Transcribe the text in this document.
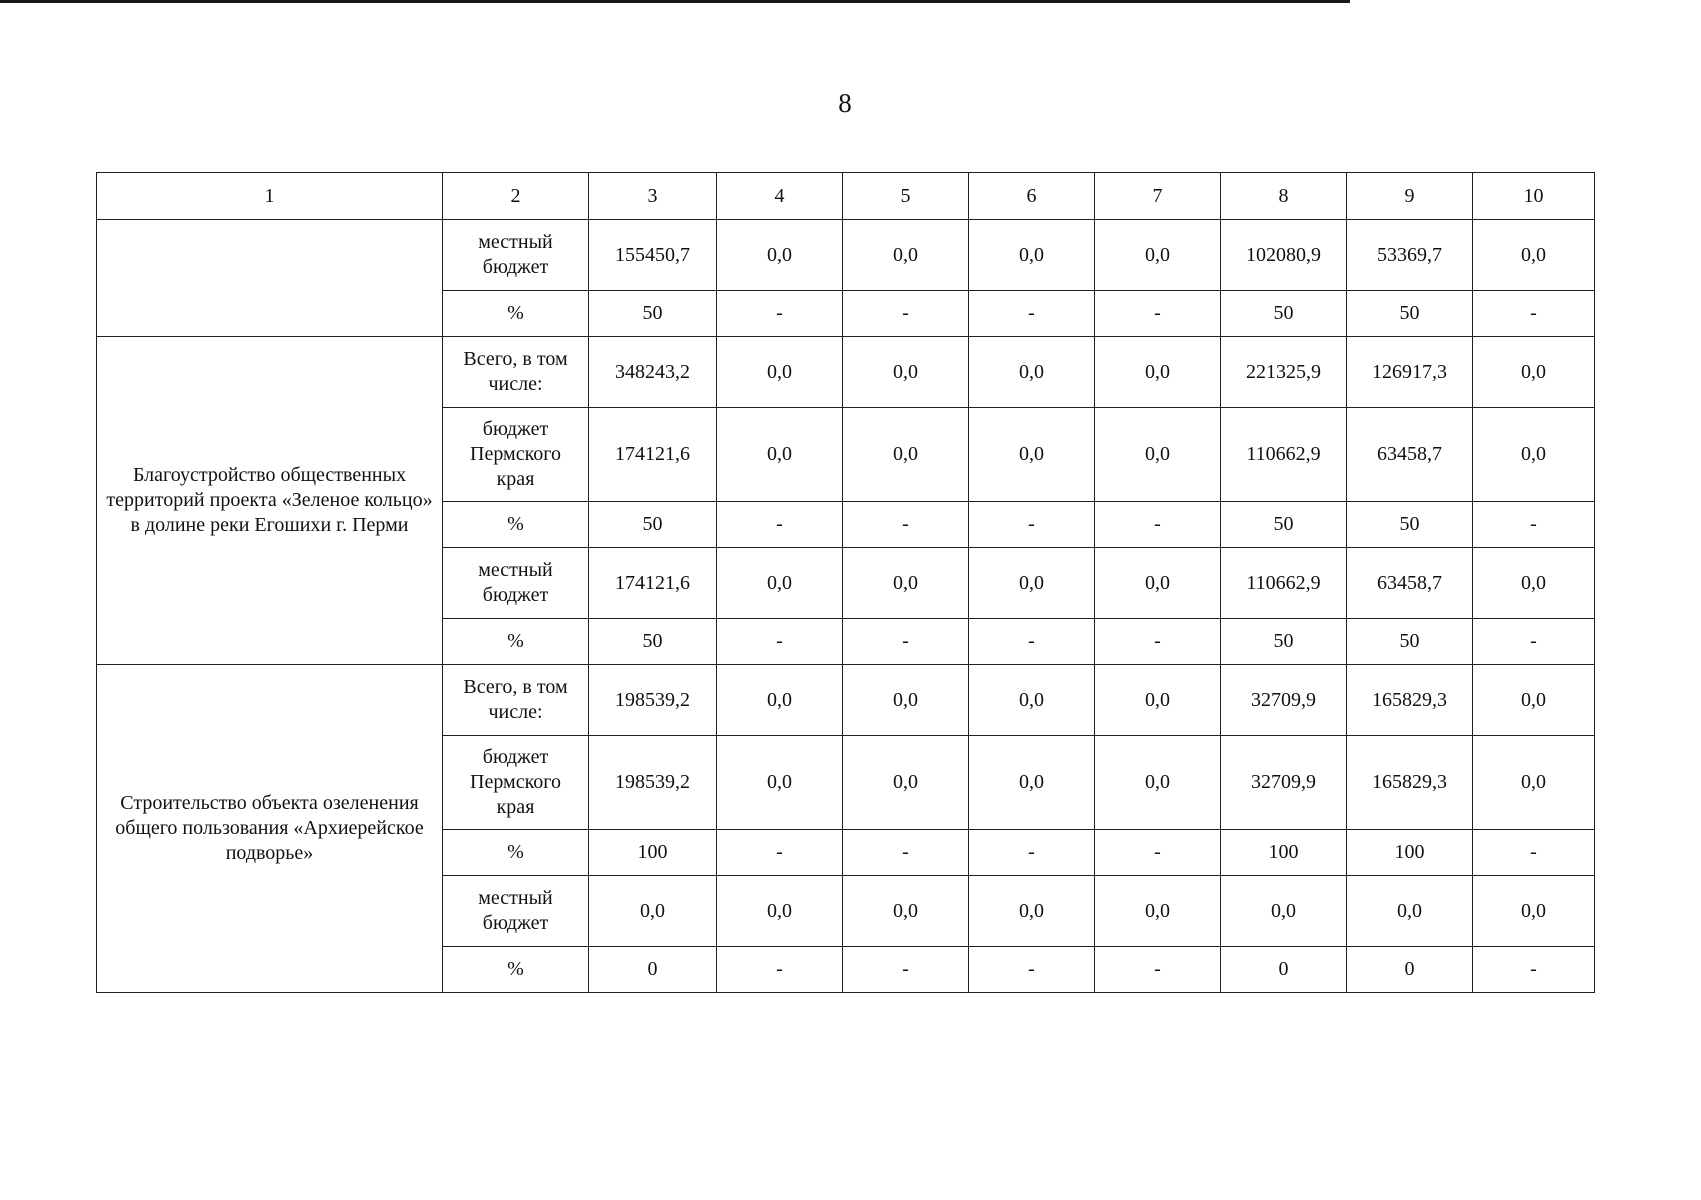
8
1	2	3	4	5	6	7	8	9	10
	местный бюджет	155450,7	0,0	0,0	0,0	0,0	102080,9	53369,7	0,0
	%	50	-	-	-	-	50	50	-
Благоустройство общественных территорий проекта «Зеленое кольцо» в долине реки Егошихи г. Перми	Всего, в том числе:	348243,2	0,0	0,0	0,0	0,0	221325,9	126917,3	0,0
	бюджет Пермского края	174121,6	0,0	0,0	0,0	0,0	110662,9	63458,7	0,0
	%	50	-	-	-	-	50	50	-
	местный бюджет	174121,6	0,0	0,0	0,0	0,0	110662,9	63458,7	0,0
	%	50	-	-	-	-	50	50	-
Строительство объекта озеленения общего пользования «Архиерейское подворье»	Всего, в том числе:	198539,2	0,0	0,0	0,0	0,0	32709,9	165829,3	0,0
	бюджет Пермского края	198539,2	0,0	0,0	0,0	0,0	32709,9	165829,3	0,0
	%	100	-	-	-	-	100	100	-
	местный бюджет	0,0	0,0	0,0	0,0	0,0	0,0	0,0	0,0
	%	0	-	-	-	-	0	0	-
